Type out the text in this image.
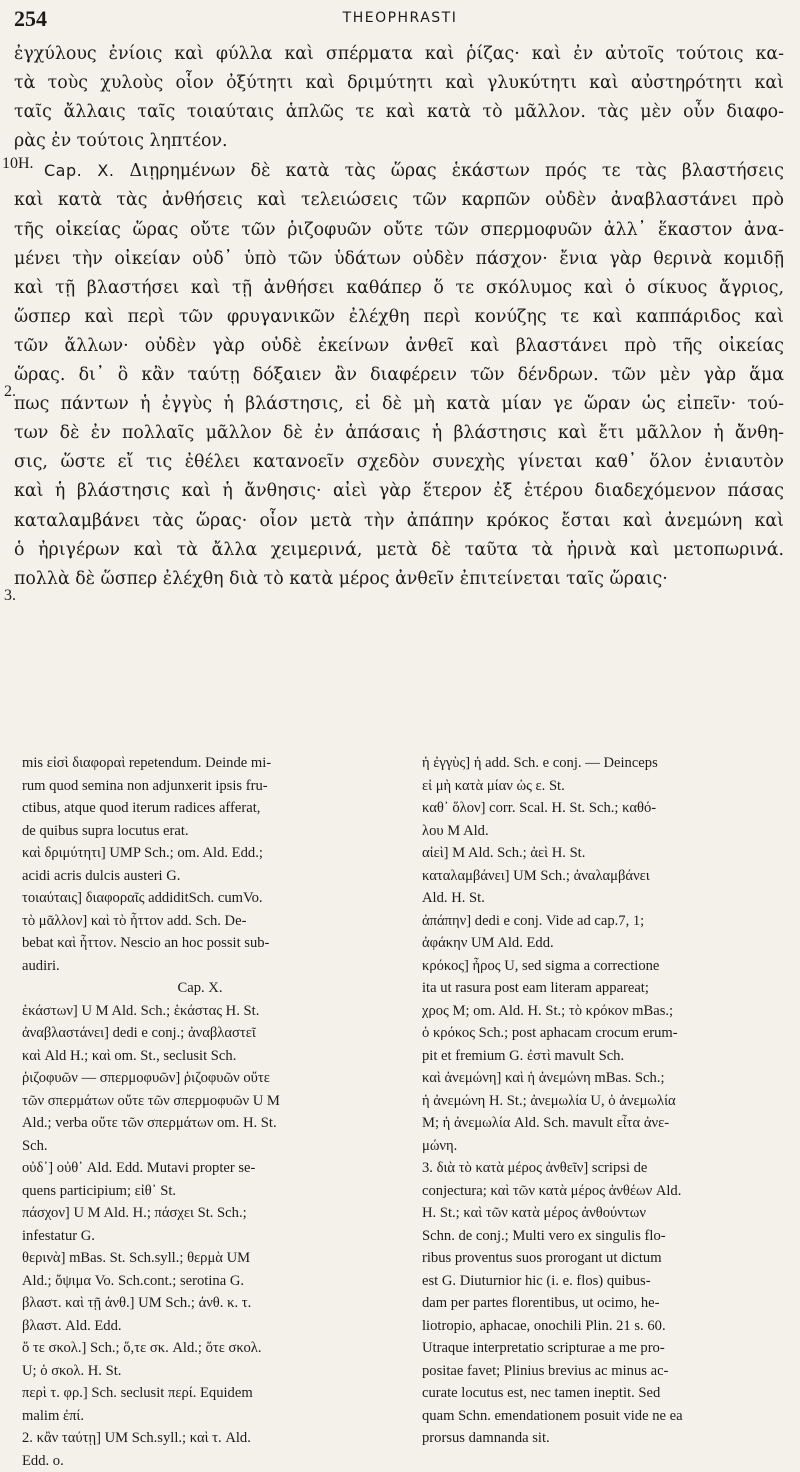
254	THEOPHRASTI
10H.
2.
3.

ἐγχύλους ἐνίοις καὶ φύλλα καὶ σπέρματα καὶ ῥίζας· καὶ ἐν αὐτοῖς τούτοις κα-

τὰ τοὺς χυλοὺς οἷον ὀξύτητι καὶ δριμύτητι καὶ γλυκύτητι καὶ αὐστηρότητι καὶ

ταῖς ἄλλαις ταῖς τοιαύταις ἁπλῶς τε καὶ κατὰ τὸ μᾶλλον. τὰς μὲν οὖν διαφο-

ρὰς ἐν τούτοις ληπτέον.

Cap. X. Διῃρημένων δὲ κατὰ τὰς ὥρας ἑκάστων πρός τε τὰς βλαστήσεις

καὶ κατὰ τὰς ἀνθήσεις καὶ τελειώσεις τῶν καρπῶν οὐδὲν ἀναβλαστάνει πρὸ

τῆς οἰκείας ὥρας οὔτε τῶν ῥιζοφυῶν οὔτε τῶν σπερμοφυῶν ἀλλ᾽ ἕκαστον ἀνα-

μένει τὴν οἰκείαν οὐδ᾽ ὑπὸ τῶν ὑδάτων οὐδὲν πάσχον· ἔνια γὰρ θερινὰ κομιδῇ

καὶ τῇ βλαστήσει καὶ τῇ ἀνθήσει καθάπερ ὅ τε σκόλυμος καὶ ὁ σίκυος ἄγριος,

ὥσπερ καὶ περὶ τῶν φρυγανικῶν ἐλέχθη περὶ κονύζης τε καὶ καππάριδος καὶ

τῶν ἄλλων· οὐδὲν γὰρ οὐδὲ ἐκείνων ἀνθεῖ καὶ βλαστάνει πρὸ τῆς οἰκείας

ὥρας. δι᾽ ὃ κἂν ταύτῃ δόξαιεν ἂν διαφέρειν τῶν δένδρων. τῶν μὲν γὰρ ἅμα

πως πάντων ἡ ἐγγὺς ἡ βλάστησις, εἰ δὲ μὴ κατὰ μίαν γε ὥραν ὡς εἰπεῖν· τού-

των δὲ ἐν πολλαῖς μᾶλλον δὲ ἐν ἁπάσαις ἡ βλάστησις καὶ ἔτι μᾶλλον ἡ ἄνθη-

σις, ὥστε εἴ τις ἐθέλει κατανοεῖν σχεδὸν συνεχὴς γίνεται καθ᾽ ὅλον ἐνιαυτὸν

καὶ ἡ βλάστησις καὶ ἡ ἄνθησις· αἰεὶ γὰρ ἕτερον ἐξ ἑτέρου διαδεχόμενον πάσας

καταλαμβάνει τὰς ὥρας· οἷον μετὰ τὴν ἀπάπην κρόκος ἔσται καὶ ἀνεμώνη καὶ

ὁ ἠριγέρων καὶ τὰ ἄλλα χειμερινά, μετὰ δὲ ταῦτα τὰ ἠρινὰ καὶ μετοπωρινά.

πολλὰ δὲ ὥσπερ ἐλέχθη διὰ τὸ κατὰ μέρος ἀνθεῖν ἐπιτείνεται ταῖς ὥραις·

mis εἰσὶ διαφοραὶ repetendum. Deinde mi-

rum quod semina non adjunxerit ipsis fru-

ctibus, atque quod iterum radices afferat,

de quibus supra locutus erat.

καὶ δριμύτητι] UMP Sch.; om. Ald. Edd.;

acidi acris dulcis austeri G.

τοιαύταις] διαφοραῖς addiditSch. cumVo.

τὸ μᾶλλον] καὶ τὸ ἧττον add. Sch. De-

bebat καὶ ἧττον. Nescio an hoc possit sub-

audiri.

Cap. X.

ἑκάστων] U M Ald. Sch.; ἑκάστας H. St.

ἀναβλαστάνει] dedi e conj.; ἀναβλαστεῖ

καὶ Ald H.; καὶ om. St., seclusit Sch.

ῥιζοφυῶν — σπερμοφυῶν] ῥιζοφυῶν οὔτε

τῶν σπερμάτων οὔτε τῶν σπερμοφυῶν U M

Ald.; verba οὔτε τῶν σπερμάτων om. H. St.

Sch.

οὐδ᾽] οὐθ᾽ Ald. Edd. Mutavi propter se-

quens participium; εἰθ᾽ St.

πάσχον] U M Ald. H.; πάσχει St. Sch.;

infestatur G.

θερινὰ] mBas. St. Sch.syll.; θερμὰ UM

Ald.; ὄψιμα Vo. Sch.cont.; serotina G.

βλαστ. καὶ τῇ ἀνθ.] UM Sch.; ἀνθ. κ. τ.

βλαστ. Ald. Edd.

ὅ τε σκολ.] Sch.; ὅ,τε σκ. Ald.; ὅτε σκολ.

U; ὁ σκολ. H. St.

περὶ τ. φρ.] Sch. seclusit περί. Equidem

malim ἐπί.

2. κἂν ταύτῃ] UM Sch.syll.; καὶ τ. Ald.

Edd. o.

ἡ ἐγγὺς] ἡ add. Sch. e conj. — Deinceps

εἰ μὴ κατὰ μίαν ὡς ε. St.

καθ᾽ ὅλον] corr. Scal. H. St. Sch.; καθό-

λου M Ald.

αἰεὶ] M Ald. Sch.; ἀεὶ H. St.

καταλαμβάνει] UM Sch.; ἀναλαμβάνει

Ald. H. St.

ἀπάπην] dedi e conj. Vide ad cap.7, 1;

ἀφάκην UM Ald. Edd.

κρόκος] ἦρος U, sed sigma a correctione

ita ut rasura post eam literam appareat;

χρος M; om. Ald. H. St.; τὸ κρόκον mBas.;

ὁ κρόκος Sch.; post aphacam crocum erum-

pit et fremium G. ἐστὶ mavult Sch.

καὶ ἀνεμώνη] καὶ ἡ ἀνεμώνη mBas. Sch.;

ἡ ἀνεμώνη H. St.; ἀνεμωλία U, ὁ ἀνεμωλία

M; ἡ ἀνεμωλία Ald. Sch. mavult εἶτα ἀνε-

μώνη.

3. διὰ τὸ κατὰ μέρος ἀνθεῖν] scripsi de

conjectura; καὶ τῶν κατὰ μέρος ἀνθέων Ald.

H. St.; καὶ τῶν κατὰ μέρος ἀνθούντων

Schn. de conj.; Multi vero ex singulis flo-

ribus proventus suos prorogant ut dictum

est G. Diuturnior hic (i. e. flos) quibus-

dam per partes florentibus, ut ocimo, he-

liotropio, aphacae, onochili Plin. 21 s. 60.

Utraque interpretatio scripturae a me pro-

positae favet; Plinius brevius ac minus ac-

curate locutus est, nec tamen ineptit. Sed

quam Schn. emendationem posuit vide ne ea

prorsus damnanda sit.
